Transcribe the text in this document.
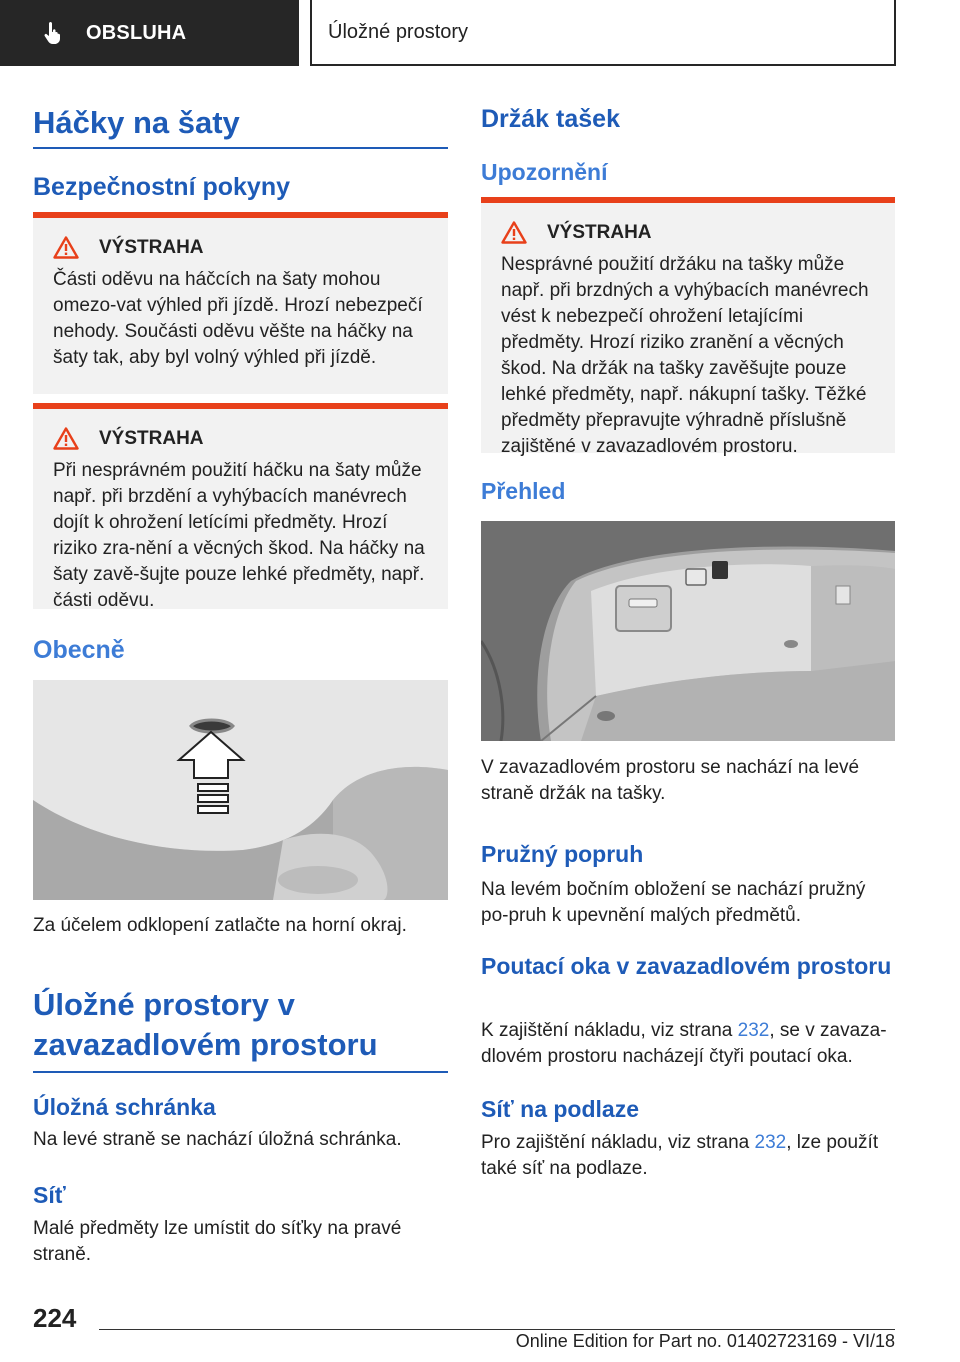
OBSLUHA	Úložné prostory
Háčky na šaty
Bezpečnostní pokyny
VÝSTRAHA
Části oděvu na háčcích na šaty mohou omezo-vat výhled při jízdě. Hrozí nebezpečí nehody. Součásti oděvu věšte na háčky na šaty tak, aby byl volný výhled při jízdě.
VÝSTRAHA
Při nesprávném použití háčku na šaty může např. při brzdění a vyhýbacích manévrech dojít k ohrožení letícími předměty. Hrozí riziko zra-nění a věcných škod. Na háčky na šaty zavě-šujte pouze lehké předměty, např. části oděvu.
Obecně
Za účelem odklopení zatlačte na horní okraj.
Úložné prostory v zavazadlovém prostoru
Úložná schránka
Na levé straně se nachází úložná schránka.
Síť
Malé předměty lze umístit do síťky na pravé straně.
Držák tašek
Upozornění
VÝSTRAHA
Nesprávné použití držáku na tašky může např. při brzdných a vyhýbacích manévrech vést k nebezpečí ohrožení letajícími předměty. Hrozí riziko zranění a věcných škod. Na držák na tašky zavěšujte pouze lehké předměty, např. nákupní tašky. Těžké předměty přepravujte výhradně příslušně zajištěné v zavazadlovém prostoru.
Přehled
V zavazadlovém prostoru se nachází na levé straně držák na tašky.
Pružný popruh
Na levém bočním obložení se nachází pružný po-pruh k upevnění malých předmětů.
Poutací oka v zavazadlovém prostoru
K zajištění nákladu, viz strana 232, se v zavaza-dlovém prostoru nacházejí čtyři poutací oka.
Síť na podlaze
Pro zajištění nákladu, viz strana 232, lze použít také síť na podlaze.
224
Online Edition for Part no. 01402723169 - VI/18
